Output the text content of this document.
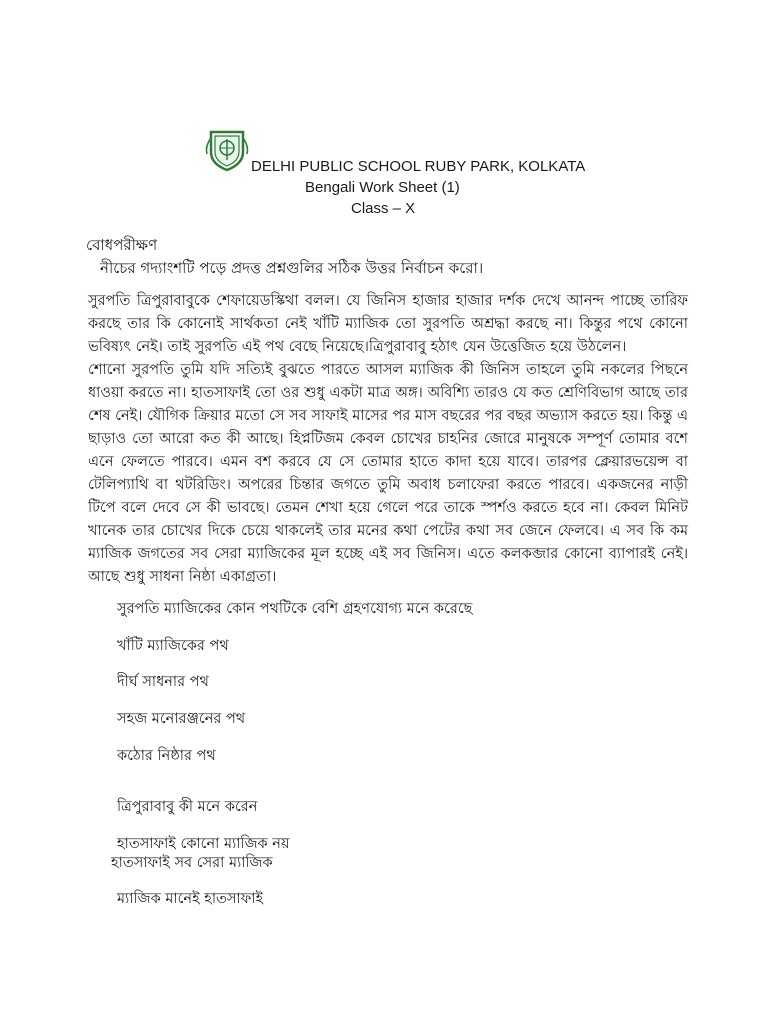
DELHI PUBLIC SCHOOL RUBY PARK, KOLKATA
Bengali Work Sheet (1)
Class – X
বোধপরীক্ষণ
নীচের গদ্যাংশটি পড়ে প্রদত্ত প্রশ্নগুলির সঠিক উত্তর নির্বাচন করো।

সুরপতি ত্রিপুরাবাবুকে শেফায়েডস্কিথা বলল। যে জিনিস হাজার হাজার দর্শক দেখে আনন্দ পাচ্ছে তারিফ করছে তার কি কোনোই সার্থকতা নেই খাঁটি ম্যাজিক তো সুরপতি অশ্রদ্ধা করছে না। কিন্তুর পথে কোনো ভবিষ্যৎ নেই। তাই সুরপতি এই পথ বেছে নিয়েছে।ত্রিপুরাবাবু হঠাৎ যেন উত্তেজিত হয়ে উঠলেন।

শোনো সুরপতি তুমি যদি সত্যিই বুঝতে পারতে আসল ম্যাজিক কী জিনিস তাহলে তুমি নকলের পিছনে ধাওয়া করতে না। হাতসাফাই তো ওর শুধু একটা মাত্র অঙ্গ। অবিশ্যি তারও যে কত শ্রেণিবিভাগ আছে তার শেষ নেই। যৌগিক ক্রিয়ার মতো সে সব সাফাই মাসের পর মাস বছরের পর বছর অভ্যাস করতে হয়। কিন্তু এ ছাড়াও তো আরো কত কী আছে। হিপ্নটিজম কেবল চোখের চাহনির জোরে মানুষকে সম্পূর্ণ তোমার বশে এনে ফেলতে পারবে। এমন বশ করবে যে সে তোমার হাতে কাদা হয়ে যাবে। তারপর ক্লেয়ারভয়েন্স বা টেলিপ্যাথি বা থটরিডিং। অপরের চিন্তার জগতে তুমি অবাধ চলাফেরা করতে পারবে। একজনের নাড়ী টিপে বলে দেবে সে কী ভাবছে। তেমন শেখা হয়ে গেলে পরে তাকে স্পর্শও করতে হবে না। কেবল মিনিট খানেক তার চোখের দিকে চেয়ে থাকলেই তার মনের কথা পেটের কথা সব জেনে ফেলবে। এ সব কি কম ম্যাজিক জগতের সব সেরা ম্যাজিকের মূল হচ্ছে এই সব জিনিস। এতে কলকব্জার কোনো ব্যাপারই নেই। আছে শুধু সাধনা নিষ্ঠা একাগ্রতা।

সুরপতি ম্যাজিকের কোন পথটিকে বেশি গ্রহণযোগ্য মনে করেছে
খাঁটি ম্যাজিকের পথ
দীর্ঘ সাধনার পথ
সহজ মনোরঞ্জনের পথ
কঠোর নিষ্ঠার পথ
ত্রিপুরাবাবু কী মনে করেন
হাতসাফাই কোনো ম্যাজিক নয়
হাতসাফাই সব সেরা ম্যাজিক
ম্যাজিক মানেই হাতসাফাই
